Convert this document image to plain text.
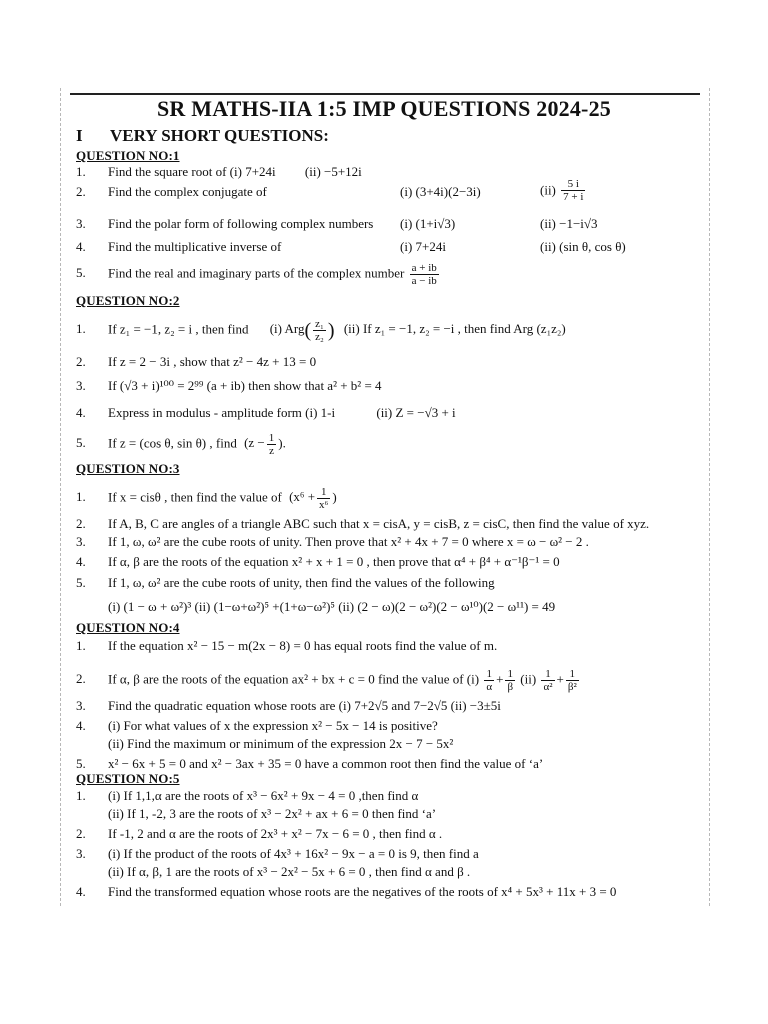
SR MATHS-IIA 1:5 IMP QUESTIONS 2024-25
I VERY SHORT QUESTIONS:
QUESTION NO:1
1. Find the square root of (i) 7+24i (ii) −5+12i
2. Find the complex conjugate of	(i) (3+4i)(2−3i)	$(ii) \frac{5 i}{7 + i}$
3. Find the polar form of following complex numbers (i) (1+i√3)	(ii) −1−i√3
4. Find the multiplicative inverse of	(i) 7+24i	(ii) (sin θ, cos θ)
5. Find the real and imaginary parts of the complex number $\frac{a + ib}{a - ib}$
QUESTION NO:2
1. If z₁ = −1, z₂ = i , then find (i) $Arg( \frac{\text{z₁}}{\text{z₂}}$ ) (ii) If z₁ = −1, z₂ = −i , then find Arg (z₁z₂)
2. If z = 2 − 3i , show that z² − 4z + 13 = 0
3. If (√3 + i)¹⁰⁰ = 2⁹⁹ (a + ib) then show that a² + b² = 4
4. Express in modulus - amplitude form (i) 1-i	(ii) Z = −√3 + i
5. If z = (cos θ, sin θ) , find ($z - \frac{1}{z}$ ).
QUESTION NO:3
1. If x = cisθ , then find the value of ($x^6 + \frac{1}{\text{x⁶}}$ )
2. If A, B, C are angles of a triangle ABC such that x = cisA, y = cisB, z = cisC, then find the value of xyz.
3. If 1, ω, ω² are the cube roots of unity. Then prove that x² + 4x + 7 = 0 where x = ω − ω² − 2 .
4. If α, β are the roots of the equation x² + x + 1 = 0 , then prove that α⁴ + β⁴ + α⁻¹β⁻¹ = 0
5. If 1, ω, ω² are the cube roots of unity, then find the values of the following
(i) (1 − ω + ω²)³ (ii) (1−ω+ω²)⁵ +(1+ω−ω²)⁵ (ii) (2 − ω)(2 − ω²)(2 − ω¹⁰)(2 − ω¹¹) = 49
QUESTION NO:4
1. If the equation x² − 15 − m(2x − 8) = 0 has equal roots find the value of m.
2. If α, β are the roots of the equation ax² + bx + c = 0 find the value of $(i) \frac{1}{\alpha} + \frac{1}{\beta} (ii) \frac{1}{\text{α²}} + \frac{1}{\text{β²}}$
3. Find the quadratic equation whose roots are (i) 7+2√5 and 7−2√5 (ii) −3±5i
4. (i) For what values of x the expression x² − 5x − 14 is positive?
(ii) Find the maximum or minimum of the expression 2x − 7 − 5x²
5. x² − 6x + 5 = 0 and x² − 3ax + 35 = 0 have a common root then find the value of ‘a’
QUESTION NO:5
1. (i) If 1,1,α are the roots of x³ − 6x² + 9x − 4 = 0 ,then find α
(ii) If 1, -2, 3 are the roots of x³ − 2x² + ax + 6 = 0 then find ‘a’
2. If -1, 2 and α are the roots of 2x³ + x² − 7x − 6 = 0 , then find α .
3. (i) If the product of the roots of 4x³ + 16x² − 9x − a = 0 is 9, then find a
(ii) If α, β, 1 are the roots of x³ − 2x² − 5x + 6 = 0 , then find α and β .
4. Find the transformed equation whose roots are the negatives of the roots of x⁴ + 5x³ + 11x + 3 = 0
